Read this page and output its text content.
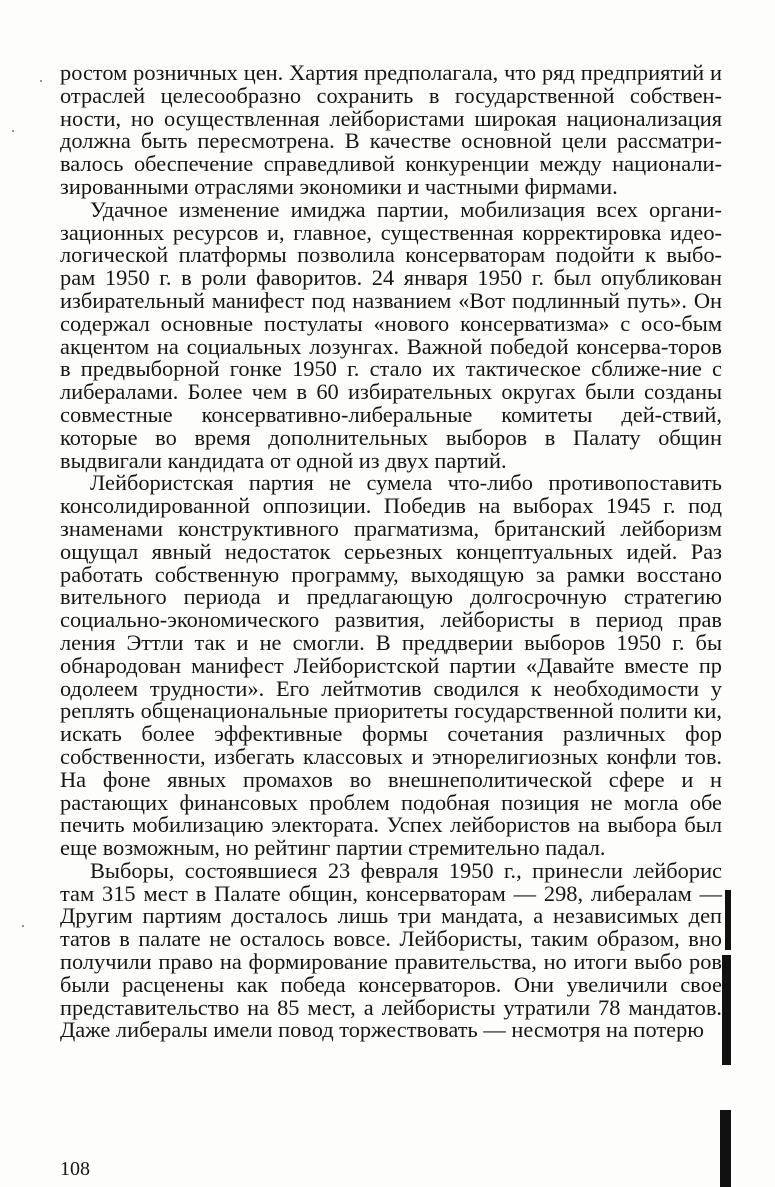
ростом розничных цен. Хартия предполагала, что ряд предприятий и отраслей целесообразно сохранить в государственной собствен-ности, но осуществленная лейбористами широкая национализация должна быть пересмотрена. В качестве основной цели рассматри-валось обеспечение справедливой конкуренции между национали-зированными отраслями экономики и частными фирмами.

Удачное изменение имиджа партии, мобилизация всех органи-зационных ресурсов и, главное, существенная корректировка идео-логической платформы позволила консерваторам подойти к выбо-рам 1950 г. в роли фаворитов. 24 января 1950 г. был опубликован избирательный манифест под названием «Вот подлинный путь». Он содержал основные постулаты «нового консерватизма» с осо-бым акцентом на социальных лозунгах. Важной победой консерва-торов в предвыборной гонке 1950 г. стало их тактическое сближе-ние с либералами. Более чем в 60 избирательных округах были созданы совместные консервативно-либеральные комитеты дей-ствий, которые во время дополнительных выборов в Палату общин выдвигали кандидата от одной из двух партий.

Лейбористская партия не сумела что-либо противопоставить консолидированной оппозиции. Победив на выборах 1945 г. под знаменами конструктивного прагматизма, британский лейборизм ощущал явный недостаток серьезных концептуальных идей. Раз работать собственную программу, выходящую за рамки восстано вительного периода и предлагающую долгосрочную стратегию социально-экономического развития, лейбористы в период прав ления Эттли так и не смогли. В преддверии выборов 1950 г. бы обнародован манифест Лейбористской партии «Давайте вместе пр одолеем трудности». Его лейтмотив сводился к необходимости у реплять общенациональные приоритеты государственной полити ки, искать более эффективные формы сочетания различных фор собственности, избегать классовых и этнорелигиозных конфли тов. На фоне явных промахов во внешнеполитической сфере и н растающих финансовых проблем подобная позиция не могла обе печить мобилизацию электората. Успех лейбористов на выбора был еще возможным, но рейтинг партии стремительно падал.

Выборы, состоявшиеся 23 февраля 1950 г., принесли лейборис там 315 мест в Палате общин, консерваторам — 298, либералам — Другим партиям досталось лишь три мандата, а независимых деп татов в палате не осталось вовсе. Лейбористы, таким образом, вно получили право на формирование правительства, но итоги выбо ров были расценены как победа консерваторов. Они увеличили свое представительство на 85 мест, а лейбористы утратили 78 мандатов. Даже либералы имели повод торжествовать — несмотря на потерю

108
